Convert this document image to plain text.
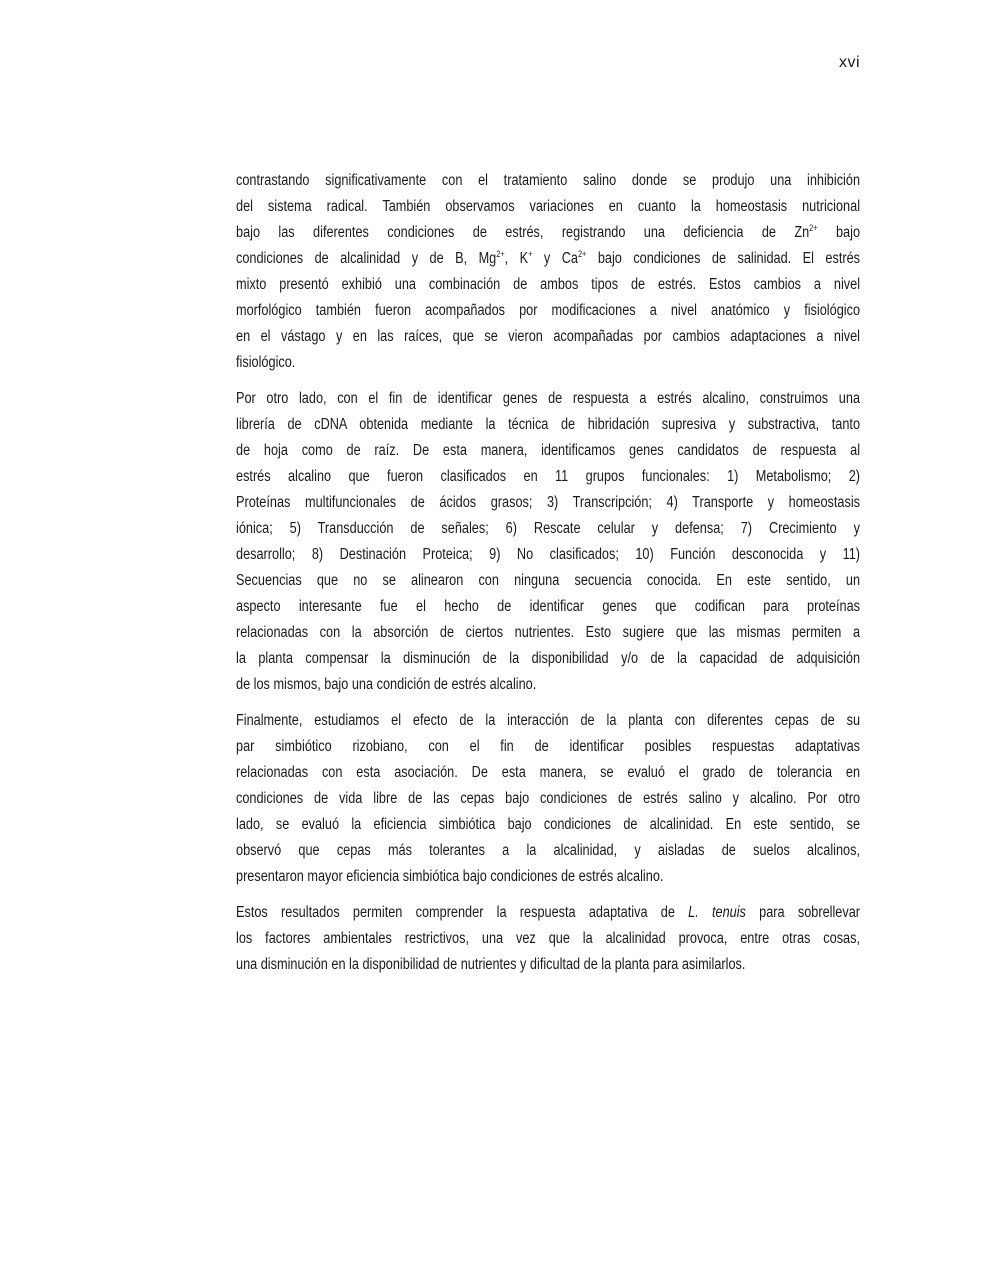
xvi
contrastando significativamente con el tratamiento salino donde se produjo una inhibición
del sistema radical. También observamos variaciones en cuanto la homeostasis nutricional
bajo las diferentes condiciones de estrés, registrando una deficiencia de $Zn^{2+}$ bajo
condiciones de alcalinidad y de B, $Mg^{2+}$, K+ y $Ca^{2+}$ bajo condiciones de salinidad. El estrés
mixto presentó exhibió una combinación de ambos tipos de estrés. Estos cambios a nivel
morfológico también fueron acompañados por modificaciones a nivel anatómico y fisiológico
en el vástago y en las raíces, que se vieron acompañadas por cambios adaptaciones a nivel
fisiológico.
Por otro lado, con el fin de identificar genes de respuesta a estrés alcalino, construimos una
librería de cDNA obtenida mediante la técnica de hibridación supresiva y substractiva, tanto
de hoja como de raíz. De esta manera, identificamos genes candidatos de respuesta al
estrés alcalino que fueron clasificados en 11 grupos funcionales: 1) Metabolismo; 2)
Proteínas multifuncionales de ácidos grasos; 3) Transcripción; 4) Transporte y homeostasis
iónica; 5) Transducción de señales; 6) Rescate celular y defensa; 7) Crecimiento y
desarrollo; 8) Destinación Proteica; 9) No clasificados; 10) Función desconocida y 11)
Secuencias que no se alinearon con ninguna secuencia conocida. En este sentido, un
aspecto interesante fue el hecho de identificar genes que codifican para proteínas
relacionadas con la absorción de ciertos nutrientes. Esto sugiere que las mismas permiten a
la planta compensar la disminución de la disponibilidad y/o de la capacidad de adquisición
de los mismos, bajo una condición de estrés alcalino.
Finalmente, estudiamos el efecto de la interacción de la planta con diferentes cepas de su
par simbiótico rizobiano, con el fin de identificar posibles respuestas adaptativas
relacionadas con esta asociación. De esta manera, se evaluó el grado de tolerancia en
condiciones de vida libre de las cepas bajo condiciones de estrés salino y alcalino. Por otro
lado, se evaluó la eficiencia simbiótica bajo condiciones de alcalinidad. En este sentido, se
observó que cepas más tolerantes a la alcalinidad, y aisladas de suelos alcalinos,
presentaron mayor eficiencia simbiótica bajo condiciones de estrés alcalino.
Estos resultados permiten comprender la respuesta adaptativa de L. tenuis para sobrellevar
los factores ambientales restrictivos, una vez que la alcalinidad provoca, entre otras cosas,
una disminución en la disponibilidad de nutrientes y dificultad de la planta para asimilarlos.
